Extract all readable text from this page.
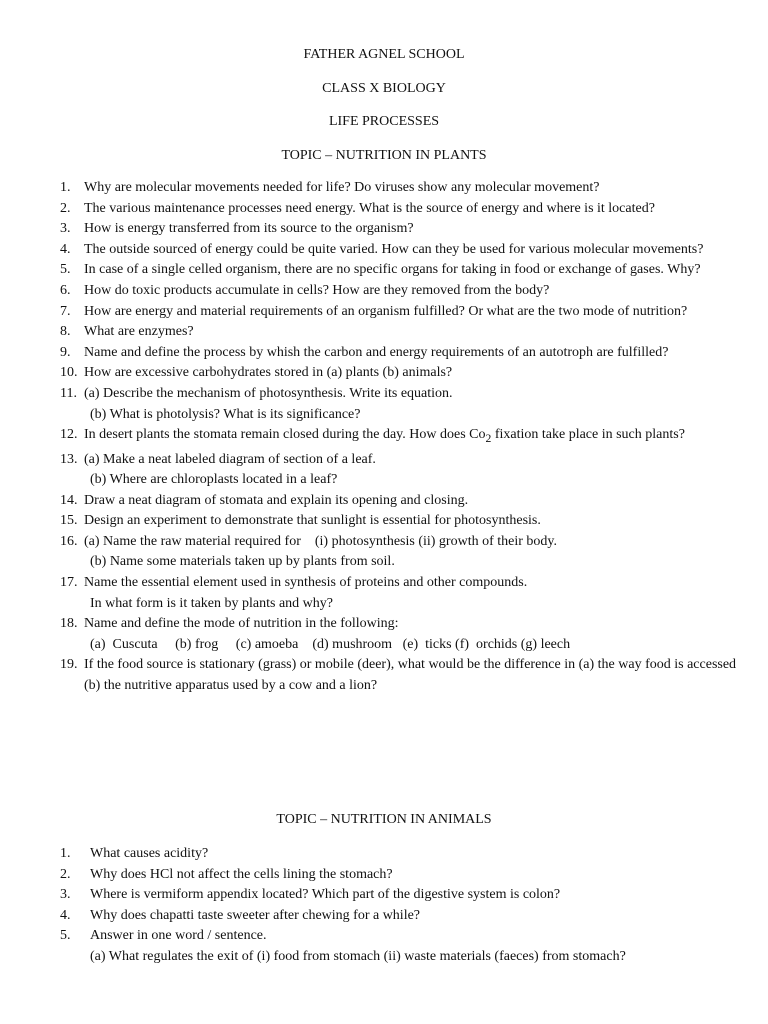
FATHER AGNEL SCHOOL
CLASS X BIOLOGY
LIFE PROCESSES
TOPIC – NUTRITION IN PLANTS
1. Why are molecular movements needed for life? Do viruses show any molecular movement?
2. The various maintenance processes need energy. What is the source of energy and where is it located?
3. How is energy transferred from its source to the organism?
4. The outside sourced of energy could be quite varied. How can they be used for various molecular movements?
5. In case of a single celled organism, there are no specific organs for taking in food or exchange of gases. Why?
6. How do toxic products accumulate in cells? How are they removed from the body?
7. How are energy and material requirements of an organism fulfilled? Or what are the two mode of nutrition?
8. What are enzymes?
9. Name and define the process by whish the carbon and energy requirements of an autotroph are fulfilled?
10. How are excessive carbohydrates stored in (a) plants (b) animals?
11. (a) Describe the mechanism of photosynthesis. Write its equation.
(b) What is photolysis? What is its significance?
12. In desert plants the stomata remain closed during the day. How does $Co_2$ fixation take place in such plants?
13. (a) Make a neat labeled diagram of section of a leaf.
(b) Where are chloroplasts located in a leaf?
14. Draw a neat diagram of stomata and explain its opening and closing.
15. Design an experiment to demonstrate that sunlight is essential for photosynthesis.
16. (a) Name the raw material required for    (i) photosynthesis (ii) growth of their body.
(b) Name some materials taken up by plants from soil.
17. Name the essential element used in synthesis of proteins and other compounds.
In what form is it taken by plants and why?
18. Name and define the mode of nutrition in the following:
(a)  Cuscuta     (b) frog     (c) amoeba    (d) mushroom   (e)  ticks (f)  orchids (g) leech
19. If the food source is stationary (grass) or mobile (deer), what would be the difference in (a) the way food is accessed   (b) the nutritive apparatus used by a cow and a lion?
TOPIC – NUTRITION IN ANIMALS
1.	What causes acidity?
2.	Why does HCl not affect the cells lining the stomach?
3.	Where is vermiform appendix located? Which part of the digestive system is colon?
4.	Why does chapatti taste sweeter after chewing for a while?
5.	Answer in one word / sentence.
(a) What regulates the exit of (i) food from stomach (ii) waste materials (faeces) from stomach?
